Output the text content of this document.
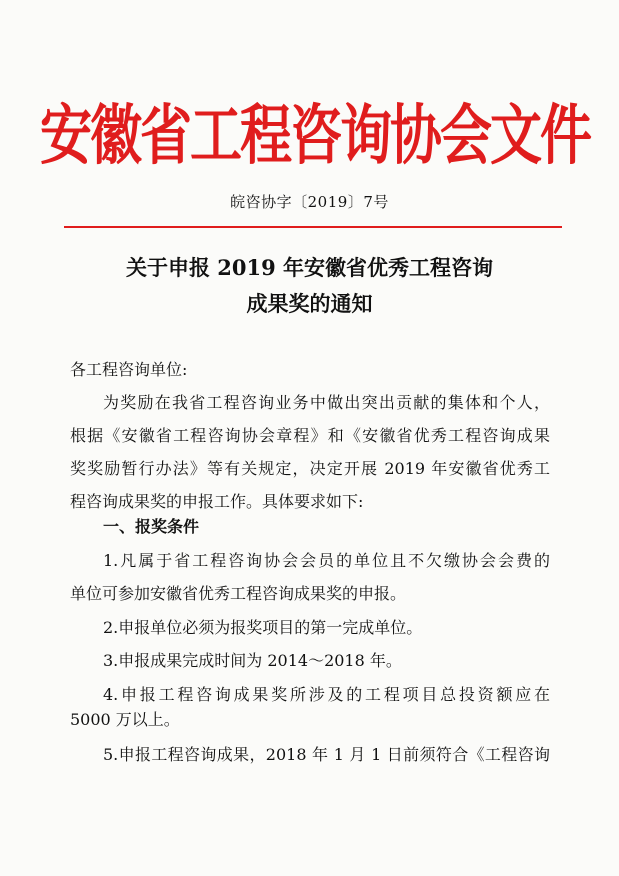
安徽省工程咨询协会文件
皖咨协字〔2019〕7号
关于申报 2019 年安徽省优秀工程咨询
成果奖的通知
各工程咨询单位:
为奖励在我省工程咨询业务中做出突出贡献的集体和个人，
根据《安徽省工程咨询协会章程》和《安徽省优秀工程咨询成果
奖奖励暂行办法》等有关规定，决定开展 2019 年安徽省优秀工
程咨询成果奖的申报工作。具体要求如下:
一、报奖条件
1.凡属于省工程咨询协会会员的单位且不欠缴协会会费的
单位可参加安徽省优秀工程咨询成果奖的申报。
2.申报单位必须为报奖项目的第一完成单位。
3.申报成果完成时间为 2014～2018 年。
4.申报工程咨询成果奖所涉及的工程项目总投资额应在
5000 万以上。
5.申报工程咨询成果，2018 年 1 月 1 日前须符合《工程咨询
